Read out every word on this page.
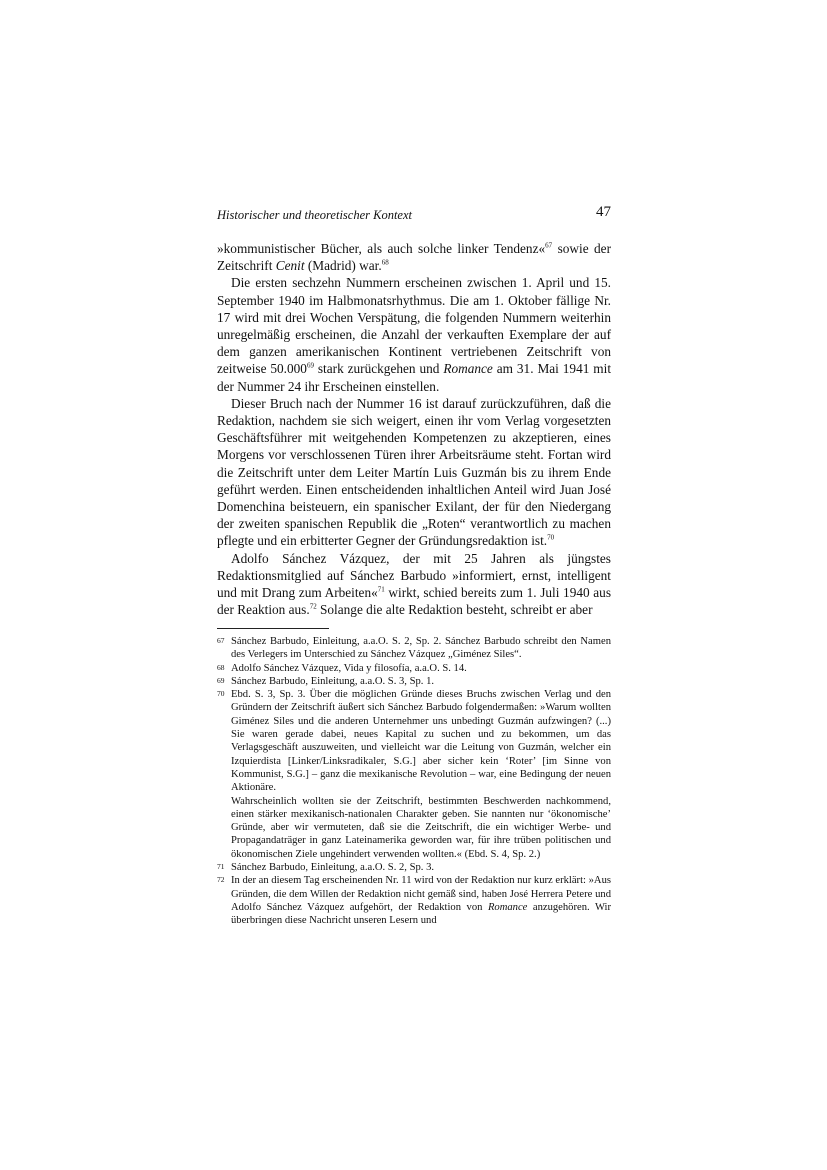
Historischer und theoretischer Kontext	47

»kommunistischer Bücher, als auch solche linker Tendenz«$^{67}$ sowie der Zeitschrift Cenit (Madrid) war.$^{68}$

Die ersten sechzehn Nummern erscheinen zwischen 1. April und 15. September 1940 im Halbmonatsrhythmus. Die am 1. Oktober fällige Nr. 17 wird mit drei Wochen Verspätung, die folgenden Nummern weiterhin unregelmäßig erscheinen, die Anzahl der verkauften Exemplare der auf dem ganzen amerikanischen Kontinent vertriebenen Zeitschrift von zeitweise 50.000$^{69}$ stark zurückgehen und Romance am 31. Mai 1941 mit der Nummer 24 ihr Erscheinen einstellen.

Dieser Bruch nach der Nummer 16 ist darauf zurückzuführen, daß die Redaktion, nachdem sie sich weigert, einen ihr vom Verlag vorgesetzten Geschäftsführer mit weitgehenden Kompetenzen zu akzeptieren, eines Morgens vor verschlossenen Türen ihrer Arbeitsräume steht. Fortan wird die Zeitschrift unter dem Leiter Martín Luis Guzmán bis zu ihrem Ende geführt werden. Einen entscheidenden inhaltlichen Anteil wird Juan José Domenchina beisteuern, ein spanischer Exilant, der für den Niedergang der zweiten spanischen Republik die „Roten“ verantwortlich zu machen pflegte und ein erbitterter Gegner der Gründungsredaktion ist.$^{70}$

Adolfo Sánchez Vázquez, der mit 25 Jahren als jüngstes Redaktionsmitglied auf Sánchez Barbudo »informiert, ernst, intelligent und mit Drang zum Arbeiten«$^{71}$ wirkt, schied bereits zum 1. Juli 1940 aus der Reaktion aus.$^{72}$ Solange die alte Redaktion besteht, schreibt er aber

67 Sánchez Barbudo, Einleitung, a.a.O. S. 2, Sp. 2. Sánchez Barbudo schreibt den Namen des Verlegers im Unterschied zu Sánchez Vázquez „Giménez Siles“.

68 Adolfo Sánchez Vázquez, Vida y filosofía, a.a.O. S. 14.

69 Sánchez Barbudo, Einleitung, a.a.O. S. 3, Sp. 1.

70 Ebd. S. 3, Sp. 3. Über die möglichen Gründe dieses Bruchs zwischen Verlag und den Gründern der Zeitschrift äußert sich Sánchez Barbudo folgendermaßen: »Warum wollten Giménez Siles und die anderen Unternehmer uns unbedingt Guzmán aufzwingen? (...) Sie waren gerade dabei, neues Kapital zu suchen und zu bekommen, um das Verlagsgeschäft auszuweiten, und vielleicht war die Leitung von Guzmán, welcher ein Izquierdista [Linker/Linksradikaler, S.G.] aber sicher kein ‘Roter’ [im Sinne von Kommunist, S.G.] – ganz die mexikanische Revolution – war, eine Bedingung der neuen Aktionäre.
Wahrscheinlich wollten sie der Zeitschrift, bestimmten Beschwerden nachkommend, einen stärker mexikanisch-nationalen Charakter geben. Sie nannten nur ‘ökonomische’ Gründe, aber wir vermuteten, daß sie die Zeitschrift, die ein wichtiger Werbe- und Propagandaträger in ganz Lateinamerika geworden war, für ihre trüben politischen und ökonomischen Ziele ungehindert verwenden wollten.« (Ebd. S. 4, Sp. 2.)

71 Sánchez Barbudo, Einleitung, a.a.O. S. 2, Sp. 3.

72 In der an diesem Tag erscheinenden Nr. 11 wird von der Redaktion nur kurz erklärt: »Aus Gründen, die dem Willen der Redaktion nicht gemäß sind, haben José Herrera Petere und Adolfo Sánchez Vázquez aufgehört, der Redaktion von Romance anzugehören. Wir überbringen diese Nachricht unseren Lesern und
